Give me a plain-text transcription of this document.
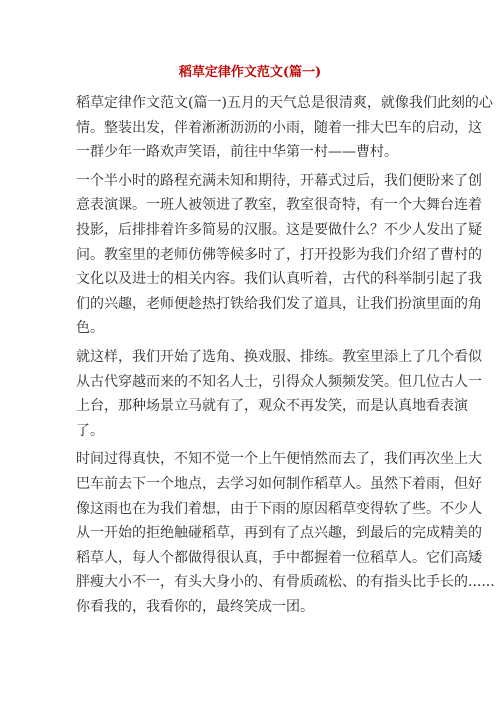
稻草定律作文范文(篇一)
稻草定律作文范文(篇一)五月的天气总是很清爽，就像我们此刻的心
情。整装出发，伴着淅淅沥沥的小雨，随着一排大巴车的启动，这
一群少年一路欢声笑语，前往中华第一村——曹村。
一个半小时的路程充满未知和期待，开幕式过后，我们便盼来了创
意表演课。一班人被领进了教室，教室很奇特，有一个大舞台连着
投影，后排排着许多简易的汉服。这是要做什么？不少人发出了疑
问。教室里的老师仿佛等候多时了，打开投影为我们介绍了曹村的
文化以及进士的相关内容。我们认真听着，古代的科举制引起了我
们的兴趣，老师便趁热打铁给我们发了道具，让我们扮演里面的角
色。
就这样，我们开始了选角、换戏服、排练。教室里添上了几个看似
从古代穿越而来的不知名人士，引得众人频频发笑。但几位古人一
上台，那种场景立马就有了，观众不再发笑，而是认真地看表演
了。
时间过得真快，不知不觉一个上午便悄然而去了，我们再次坐上大
巴车前去下一个地点，去学习如何制作稻草人。虽然下着雨，但好
像这雨也在为我们着想，由于下雨的原因稻草变得软了些。不少人
从一开始的拒绝触碰稻草，再到有了点兴趣，到最后的完成精美的
稻草人，每人个都做得很认真，手中都握着一位稻草人。它们高矮
胖瘦大小不一，有头大身小的、有骨质疏松、的有指头比手长的......
你看我的，我看你的，最终笑成一团。
